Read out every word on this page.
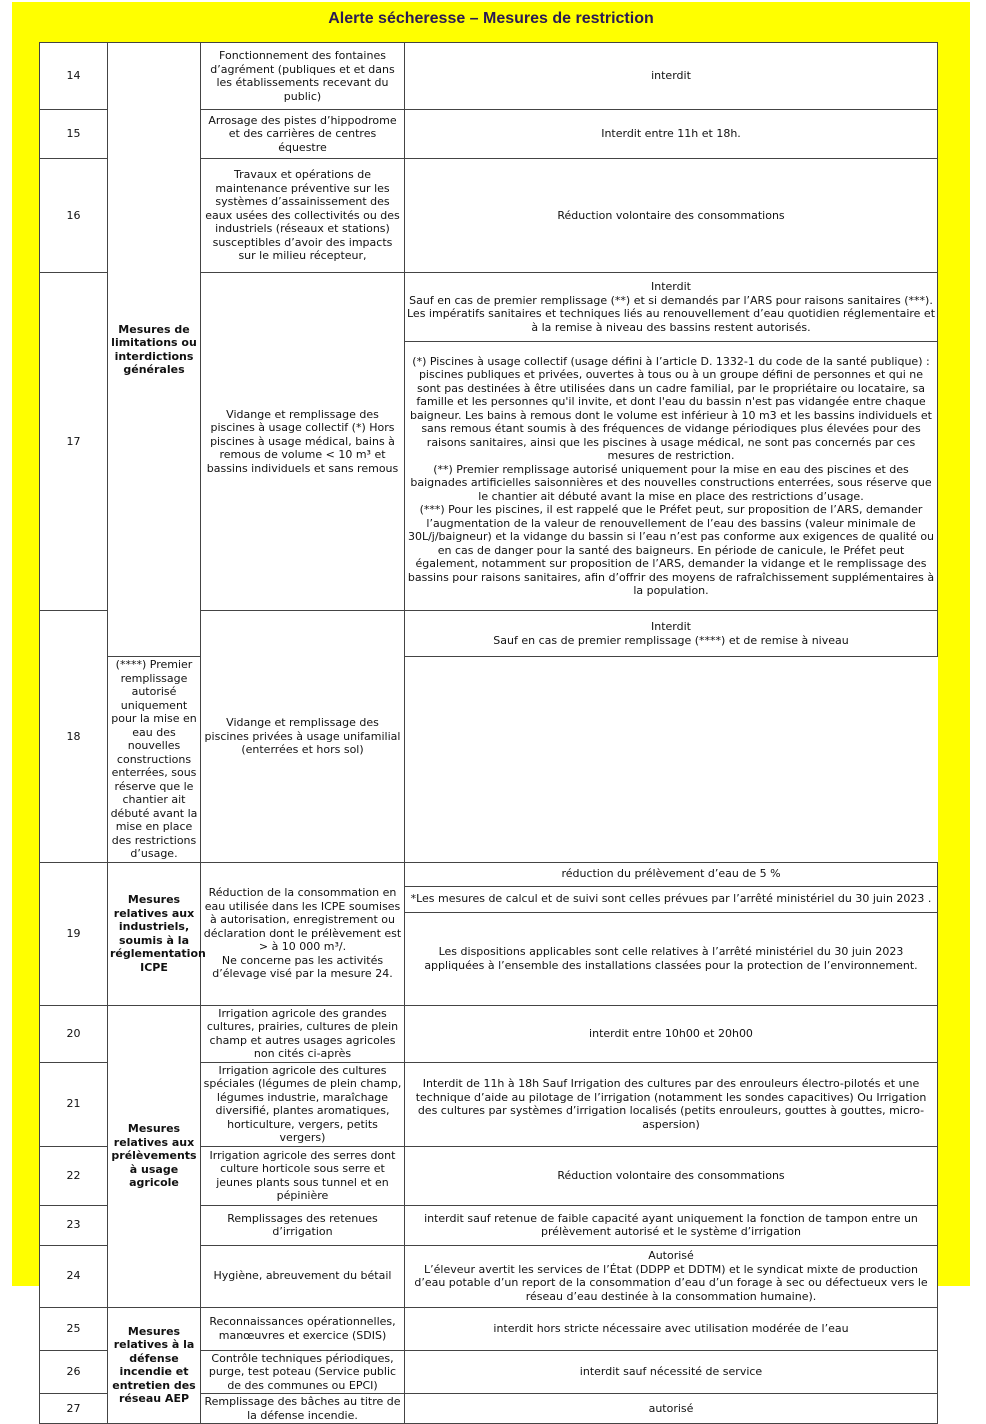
Alerte sécheresse – Mesures de restriction
14	Mesures de limitations ou interdictions générales	Fonctionnement des fontaines d’agrément (publiques et et dans les établissements recevant du public)	interdit
15		Arrosage des pistes d’hippodrome et des carrières de centres équestre	Interdit entre 11h et 18h.
16		Travaux et opérations de maintenance préventive sur les systèmes d’assainissement des eaux usées des collectivités ou des industriels (réseaux et stations) susceptibles d’avoir des impacts sur le milieu récepteur,	Réduction volontaire des consommations
17		Vidange et remplissage des piscines à usage collectif (*) Hors piscines à usage médical, bains à remous de volume < 10 m³ et bassins individuels et sans remous	Interdit
Sauf en cas de premier remplissage (**) et si demandés par l’ARS pour raisons sanitaires (***).
Les impératifs sanitaires et techniques liés au renouvellement d’eau quotidien réglementaire et à la remise à niveau des bassins restent autorisés.
			(*) Piscines à usage collectif (usage défini à l’article D. 1332-1 du code de la santé publique) : piscines publiques et privées, ouvertes à tous ou à un groupe défini de personnes et qui ne sont pas destinées à être utilisées dans un cadre familial, par le propriétaire ou locataire, sa famille et les personnes qu'il invite, et dont l'eau du bassin n'est pas vidangée entre chaque baigneur. Les bains à remous dont le volume est inférieur à 10 m3 et les bassins individuels et sans remous étant soumis à des fréquences de vidange périodiques plus élevées pour des raisons sanitaires, ainsi que les piscines à usage médical, ne sont pas concernés par ces mesures de restriction.
(**) Premier remplissage autorisé uniquement pour la mise en eau des piscines et des baignades artificielles saisonnières et des nouvelles constructions enterrées, sous réserve que le chantier ait débuté avant la mise en place des restrictions d’usage.
(***) Pour les piscines, il est rappelé que le Préfet peut, sur proposition de l’ARS, demander l’augmentation de la valeur de renouvellement de l’eau des bassins (valeur minimale de 30L/j/baigneur) et la vidange du bassin si l’eau n’est pas conforme aux exigences de qualité ou en cas de danger pour la santé des baigneurs. En période de canicule, le Préfet peut également, notamment sur proposition de l’ARS, demander la vidange et le remplissage des bassins pour raisons sanitaires, afin d’offrir des moyens de rafraîchissement supplémentaires à la population.
18		Vidange et remplissage des piscines privées à usage unifamilial (enterrées et hors sol)	Interdit
Sauf en cas de premier remplissage (****) et de remise à niveau
	(****) Premier remplissage autorisé uniquement pour la mise en eau des nouvelles constructions enterrées, sous réserve que le chantier ait débuté avant la mise en place des restrictions d’usage.		
19	Mesures relatives aux industriels, soumis à la réglementation ICPE	Réduction de la consommation en eau utilisée dans les ICPE soumises à autorisation, enregistrement ou déclaration dont le prélèvement est > à 10 000 m³/.
Ne concerne pas les activités d’élevage visé par la mesure 24.	réduction du prélèvement d’eau de 5 %
			*Les mesures de calcul et de suivi sont celles prévues par l’arrêté ministériel du 30 juin 2023 .
			Les dispositions applicables sont celle relatives à l’arrêté ministériel du 30 juin 2023 appliquées à l’ensemble des installations classées pour la protection de l’environnement.
20	Mesures relatives aux prélèvements à usage agricole	Irrigation agricole des grandes cultures, prairies, cultures de plein champ et autres usages agricoles non cités ci-après	interdit entre 10h00 et 20h00
21		Irrigation agricole des cultures spéciales (légumes de plein champ, légumes industrie, maraîchage diversifié, plantes aromatiques, horticulture, vergers, petits vergers)	Interdit de 11h à 18h Sauf Irrigation des cultures par des enrouleurs électro-pilotés et une technique d’aide au pilotage de l’irrigation (notamment les sondes capacitives) Ou Irrigation des cultures par systèmes d’irrigation localisés (petits enrouleurs, gouttes à gouttes, micro-aspersion)
22		Irrigation agricole des serres dont culture horticole sous serre et jeunes plants sous tunnel et en pépinière	Réduction volontaire des consommations
23		Remplissages des retenues d’irrigation	interdit sauf retenue de faible capacité ayant uniquement la fonction de tampon entre un prélèvement autorisé et le système d’irrigation
24		Hygiène, abreuvement du bétail	Autorisé
L’éleveur avertit les services de l’État (DDPP et DDTM) et le syndicat mixte de production d’eau potable d’un report de la consommation d’eau d’un forage à sec ou défectueux vers le réseau d’eau destinée à la consommation humaine).
25	Mesures relatives à la défense incendie et entretien des réseau AEP	Reconnaissances opérationnelles, manœuvres et exercice (SDIS)	interdit hors stricte nécessaire avec utilisation modérée de l’eau
26		Contrôle techniques périodiques, purge, test poteau (Service public de des communes ou EPCI)	interdit sauf nécessité de service
27		Remplissage des bâches au titre de la défense incendie.	autorisé
